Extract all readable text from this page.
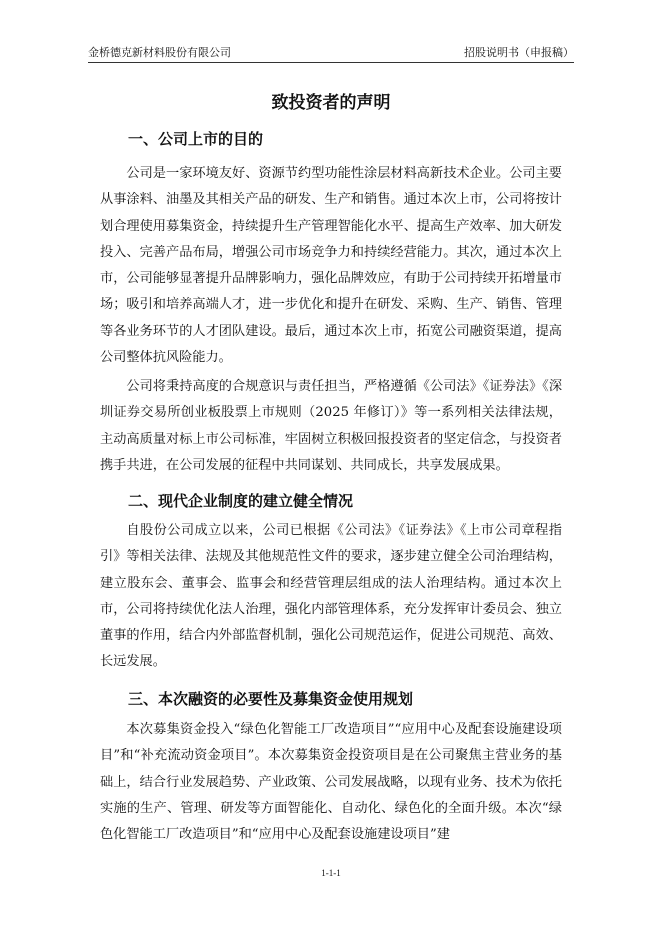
金桥德克新材料股份有限公司	招股说明书（申报稿）
致投资者的声明
一、公司上市的目的

公司是一家环境友好、资源节约型功能性涂层材料高新技术企业。公司主要从事涂料、油墨及其相关产品的研发、生产和销售。通过本次上市，公司将按计划合理使用募集资金，持续提升生产管理智能化水平、提高生产效率、加大研发投入、完善产品布局，增强公司市场竞争力和持续经营能力。其次，通过本次上市，公司能够显著提升品牌影响力，强化品牌效应，有助于公司持续开拓增量市场；吸引和培养高端人才，进一步优化和提升在研发、采购、生产、销售、管理等各业务环节的人才团队建设。最后，通过本次上市，拓宽公司融资渠道，提高公司整体抗风险能力。

公司将秉持高度的合规意识与责任担当，严格遵循《公司法》《证券法》《深圳证券交易所创业板股票上市规则（2025 年修订）》等一系列相关法律法规，主动高质量对标上市公司标准，牢固树立积极回报投资者的坚定信念，与投资者携手共进，在公司发展的征程中共同谋划、共同成长，共享发展成果。

二、现代企业制度的建立健全情况

自股份公司成立以来，公司已根据《公司法》《证券法》《上市公司章程指引》等相关法律、法规及其他规范性文件的要求，逐步建立健全公司治理结构，建立股东会、董事会、监事会和经营管理层组成的法人治理结构。通过本次上市，公司将持续优化法人治理，强化内部管理体系，充分发挥审计委员会、独立董事的作用，结合内外部监督机制，强化公司规范运作，促进公司规范、高效、长远发展。

三、本次融资的必要性及募集资金使用规划

本次募集资金投入“绿色化智能工厂改造项目”“应用中心及配套设施建设项目”和“补充流动资金项目”。本次募集资金投资项目是在公司聚焦主营业务的基础上，结合行业发展趋势、产业政策、公司发展战略，以现有业务、技术为依托实施的生产、管理、研发等方面智能化、自动化、绿色化的全面升级。本次“绿色化智能工厂改造项目”和“应用中心及配套设施建设项目”建

1-1-1
